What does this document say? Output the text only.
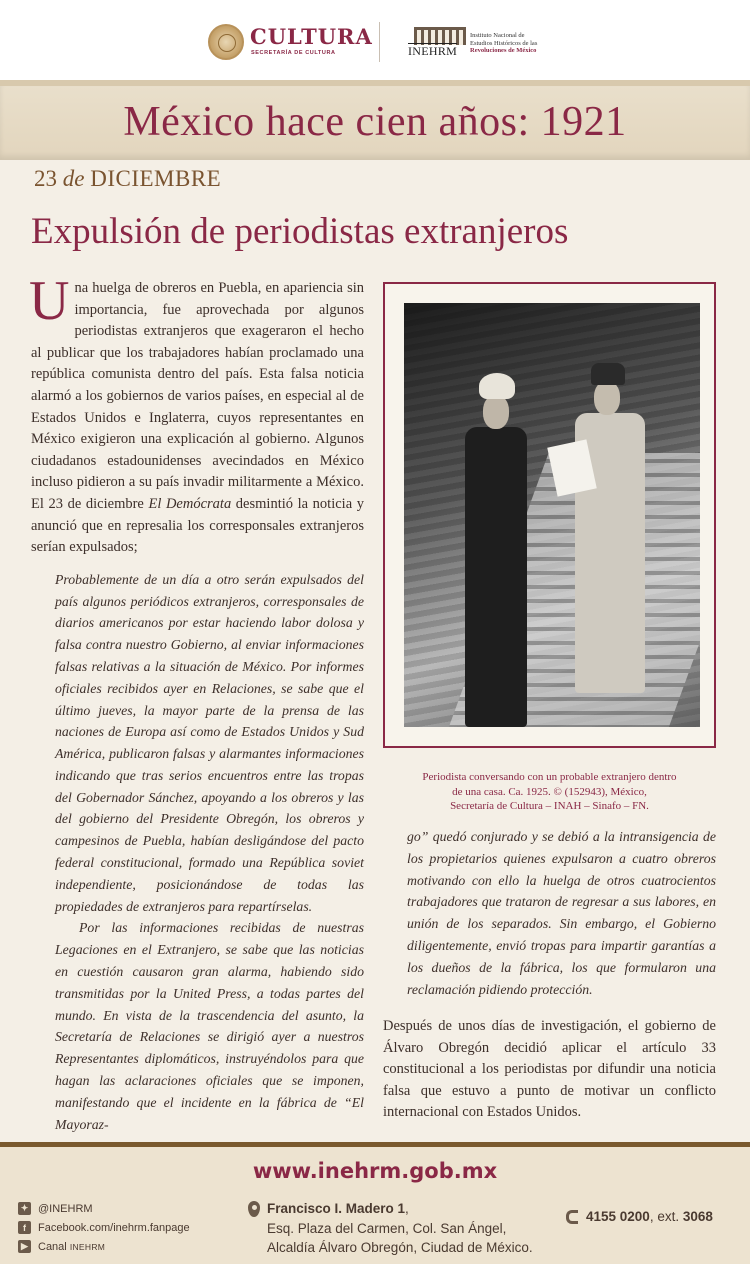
CULTURA
SECRETARÍA DE CULTURA	INEHRM
Instituto Nacional de
Estudios Históricos de las
Revoluciones de México
México hace cien años: 1921
23 de DICIEMBRE
Expulsión de periodistas extranjeros

Una huelga de obreros en Puebla, en apariencia sin importancia, fue aprovechada por algunos periodistas extranjeros que exageraron el hecho al publicar que los trabajadores habían proclamado una república comunista dentro del país. Esta falsa noticia alarmó a los gobiernos de varios países, en especial al de Estados Unidos e Inglaterra, cuyos representantes en México exigieron una explicación al gobierno. Algunos ciudadanos estadounidenses avecindados en México incluso pidieron a su país invadir militarmente a México. El 23 de diciembre El Demócrata desmintió la noticia y anunció que en represalia los corresponsales extranjeros serían expulsados;

Probablemente de un día a otro serán expulsados del país algunos periódicos extranjeros, corresponsales de diarios americanos por estar haciendo labor dolosa y falsa contra nuestro Gobierno, al enviar informaciones falsas relativas a la situación de México. Por informes oficiales recibidos ayer en Relaciones, se sabe que el último jueves, la mayor parte de la prensa de las naciones de Europa así como de Estados Unidos y Sud América, publicaron falsas y alarmantes informaciones indicando que tras serios encuentros entre las tropas del Gobernador Sánchez, apoyando a los obreros y las del gobierno del Presidente Obregón, los obreros y campesinos de Puebla, habían desligándose del pacto federal constitucional, formado una República soviet independiente, posicionándose de todas las propiedades de extranjeros para repartírselas.

Por las informaciones recibidas de nuestras Legaciones en el Extranjero, se sabe que las noticias en cuestión causaron gran alarma, habiendo sido transmitidas por la United Press, a todas partes del mundo. En vista de la trascendencia del asunto, la Secretaría de Relaciones se dirigió ayer a nuestros Representantes diplomáticos, instruyéndolos para que hagan las aclaraciones oficiales que se imponen, manifestando que el incidente en la fábrica de “El Mayoraz-

Periodista conversando con un probable extranjero dentro
de una casa. Ca. 1925. © (152943), México,
Secretaría de Cultura – INAH – Sinafo – FN.

go” quedó conjurado y se debió a la intransigencia de los propietarios quienes expulsaron a cuatro obreros motivando con ello la huelga de otros cuatrocientos trabajadores que trataron de regresar a sus labores, en unión de los separados. Sin embargo, el Gobierno diligentemente, envió tropas para impartir garantías a los dueños de la fábrica, los que formularon una reclamación pidiendo protección.

Después de unos días de investigación, el gobierno de Álvaro Obregón decidió aplicar el artículo 33 constitucional a los periodistas por difundir una noticia falsa que estuvo a punto de motivar un conflicto internacional con Estados Unidos.

www.inehrm.gob.mx
✦ @INEHRM
f	Facebook.com/inehrm.fanpage
▶ Canal
INEHRM
Francisco I. Madero 1,
Esq. Plaza del Carmen, Col. San Ángel,
Alcaldía Álvaro Obregón, Ciudad de México.
4155 0200 , ext.
3068
